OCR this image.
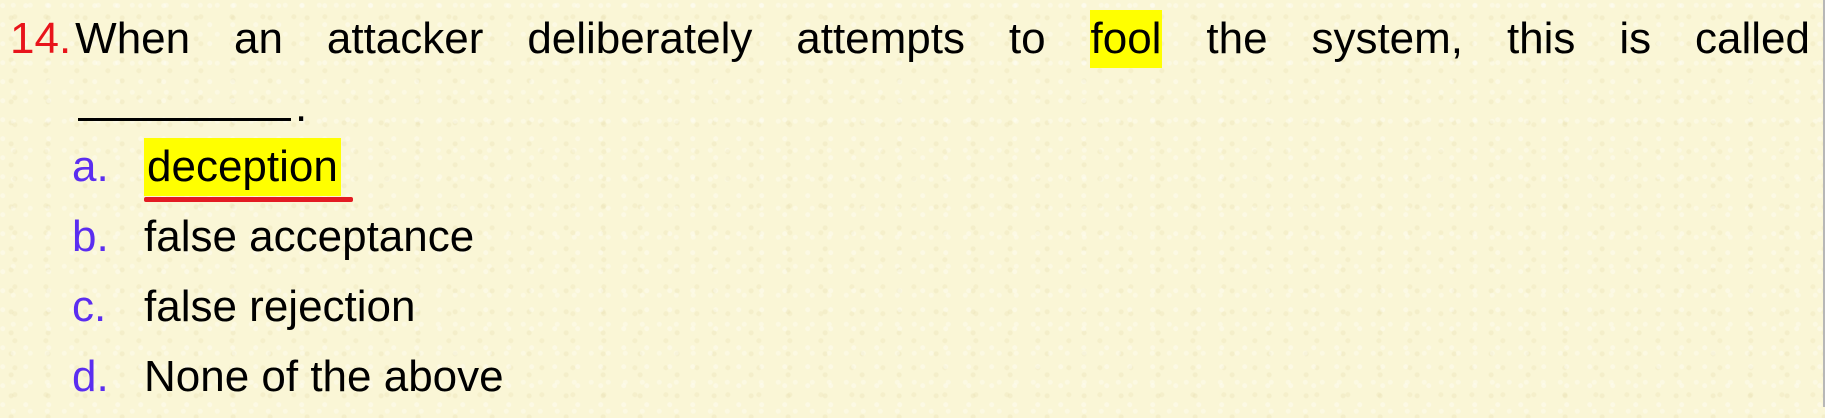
14. When an attacker deliberately attempts to fool the system, this is called
.
a. deception
b. false acceptance
c. false rejection
d. None of the above
